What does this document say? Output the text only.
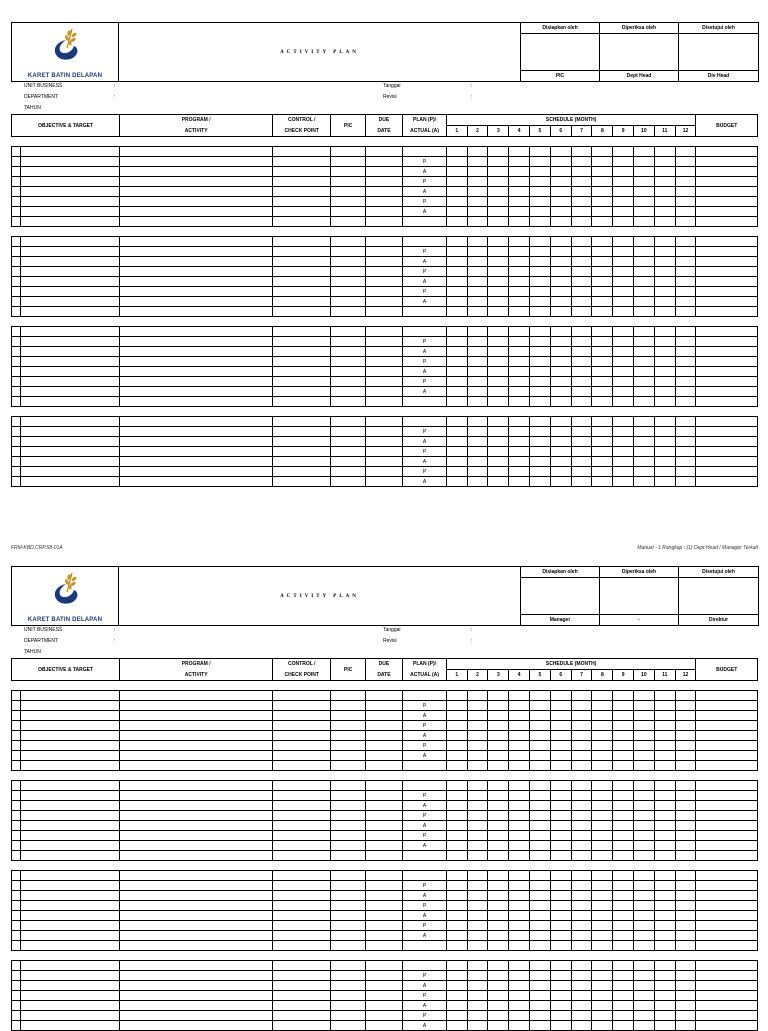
KARET BATIN DELAPAN	ACTIVITY PLAN	Disiapkan oleh	Diperiksa oleh	Disetujui oleh

		PIC	Dept Head	Div Head
UNIT BUSINESS	:
DEPARTMENT	:
TAHUN
Tanggal	:
Revisi	:
OBJECTIVE & TARGET		PROGRAM /	CONTROL /	PIC	DUE	PLAN (P)/	SCHEDULE (MONTH)												BUDGET
		ACTIVITY	CHECK POINT		DATE	ACTUAL (A)	1	2	3	4	5	6	7	8	9	10	11	12	

						P													
						A													
						P													
						A													
						P													
						A													

						P													
						A													
						P													
						A													
						P													
						A													

						P													
						A													
						P													
						A													
						P													
						A													

						P													
						A													
						P													
						A													
						P													
						A													
FRM-KBD.CRP.58-01A	Manual - 1 Rangkap : (1) Dept Head / Manager Terkait
KARET BATIN DELAPAN	ACTIVITY PLAN	Disiapkan oleh	Diperiksa oleh	Disetujui oleh

		Manager	-	Direktur
UNIT BUSINESS	:
DEPARTMENT	:
TAHUN
Tanggal	:
Revisi	:
OBJECTIVE & TARGET		PROGRAM /	CONTROL /	PIC	DUE	PLAN (P)/	SCHEDULE (MONTH)												BUDGET
		ACTIVITY	CHECK POINT		DATE	ACTUAL (A)	1	2	3	4	5	6	7	8	9	10	11	12	

						P													
						A													
						P													
						A													
						P													
						A													

						P													
						A													
						P													
						A													
						P													
						A													

						P													
						A													
						P													
						A													
						P													
						A													

						P													
						A													
						P													
						A													
						P													
						A													
